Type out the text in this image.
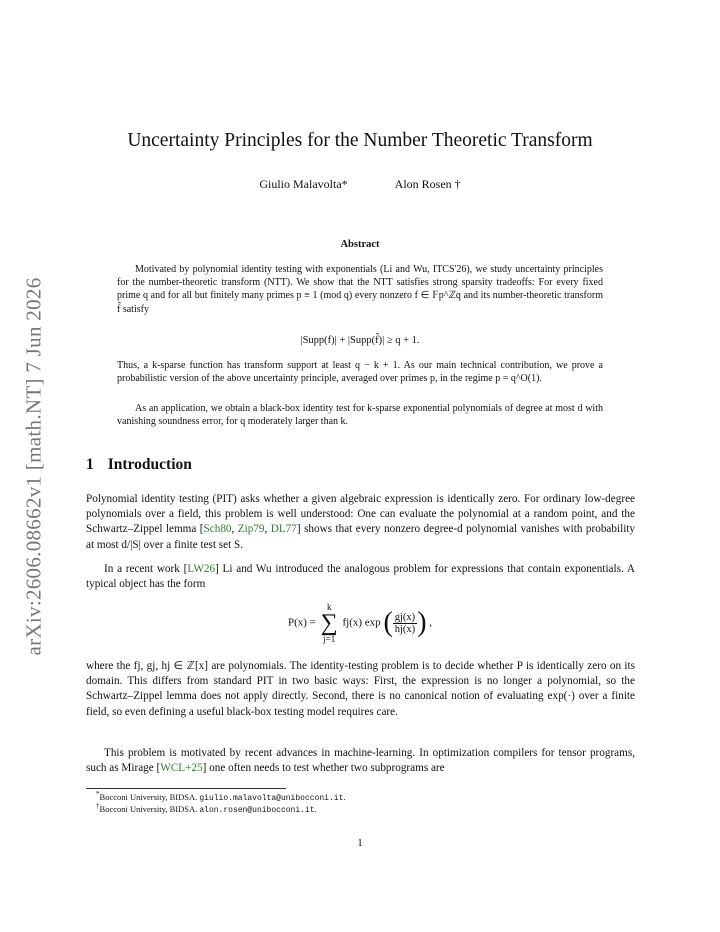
arXiv:2606.08662v1 [math.NT] 7 Jun 2026
Uncertainty Principles for the Number Theoretic Transform
Giulio Malavolta*	Alon Rosen †
Abstract
Motivated by polynomial identity testing with exponentials (Li and Wu, ITCS'26), we study uncertainty principles for the number-theoretic transform (NTT). We show that the NTT satisfies strong sparsity tradeoffs: For every fixed prime q and for all but finitely many primes p ≡ 1 (mod q) every nonzero f ∈ 𝔽p^ℤq and its number-theoretic transform f̂ satisfy
|Supp(f)| + |Supp(f̂)| ≥ q + 1.
Thus, a k-sparse function has transform support at least q − k + 1. As our main technical contribution, we prove a probabilistic version of the above uncertainty principle, averaged over primes p, in the regime p = q^O(1).
As an application, we obtain a black-box identity test for k-sparse exponential polynomials of degree at most d with vanishing soundness error, for q moderately larger than k.
1 Introduction
Polynomial identity testing (PIT) asks whether a given algebraic expression is identically zero. For ordinary low-degree polynomials over a field, this problem is well understood: One can evaluate the polynomial at a random point, and the Schwartz–Zippel lemma [Sch80, Zip79, DL77] shows that every nonzero degree-d polynomial vanishes with probability at most d/|S| over a finite test set S.
In a recent work [LW26] Li and Wu introduced the analogous problem for expressions that contain exponentials. A typical object has the form
P(x) =
k
∑
j=1
fj(x) exp ( $\frac{gj(x)}{hj(x)}$ ) ,
where the fj, gj, hj ∈ ℤ[x] are polynomials. The identity-testing problem is to decide whether P is identically zero on its domain. This differs from standard PIT in two basic ways: First, the expression is no longer a polynomial, so the Schwartz–Zippel lemma does not apply directly. Second, there is no canonical notion of evaluating exp(·) over a finite field, so even defining a useful black-box testing model requires care.
This problem is motivated by recent advances in machine-learning. In optimization compilers for tensor programs, such as Mirage [WCL+25] one often needs to test whether two subprograms are
*Bocconi University, BIDSA. giulio.malavolta@unibocconi.it.
†Bocconi University, BIDSA. alon.rosen@unibocconi.it.
1
